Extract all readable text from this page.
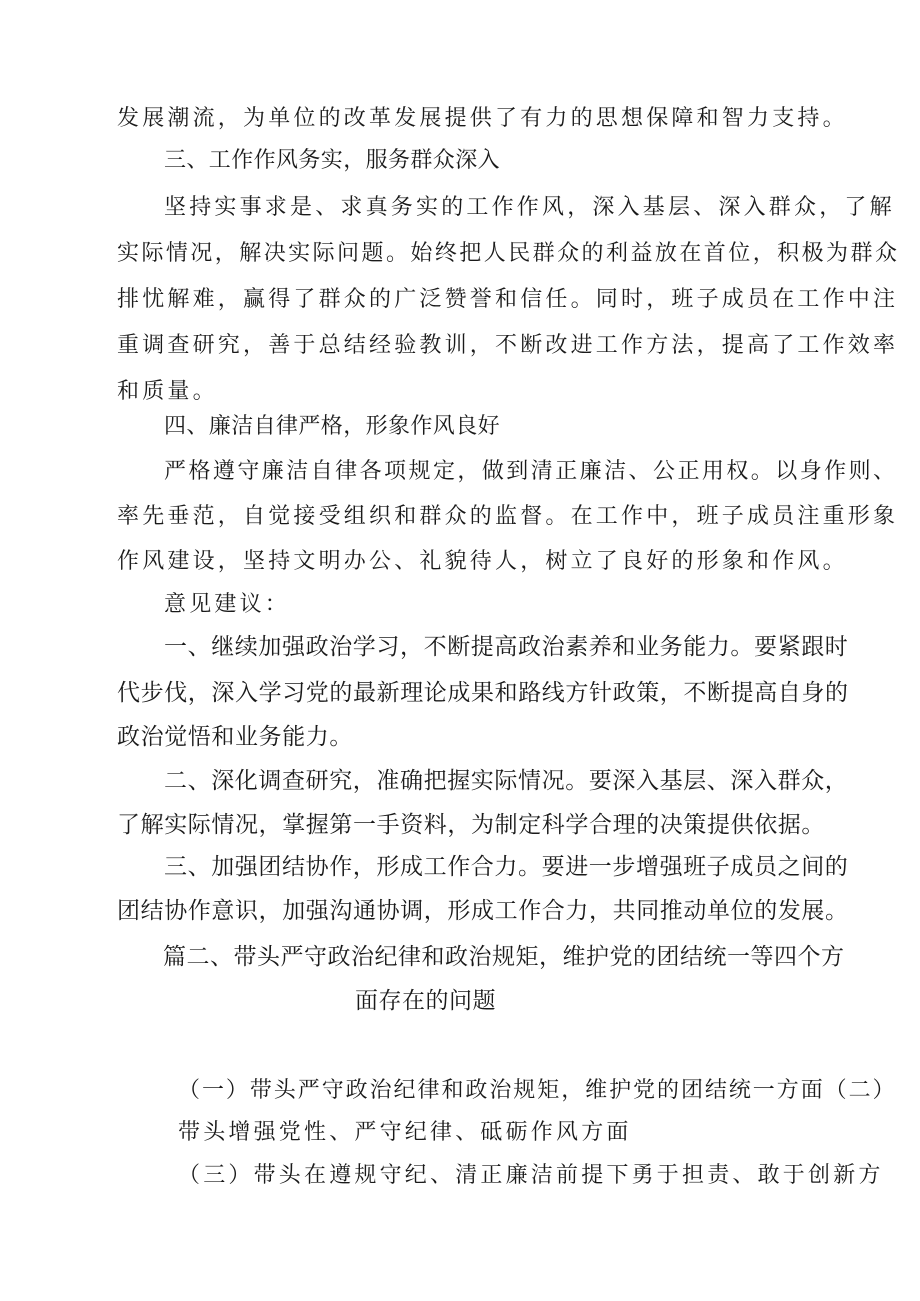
发展潮流，为单位的改革发展提供了有力的思想保障和智力支持。

三、工作作风务实，服务群众深入

坚持实事求是、求真务实的工作作风，深入基层、深入群众，了解

实际情况，解决实际问题。始终把人民群众的利益放在首位，积极为群众

排忧解难，赢得了群众的广泛赞誉和信任。同时，班子成员在工作中注

重调查研究，善于总结经验教训，不断改进工作方法，提高了工作效率

和质量。

四、廉洁自律严格，形象作风良好

严格遵守廉洁自律各项规定，做到清正廉洁、公正用权。以身作则、

率先垂范，自觉接受组织和群众的监督。在工作中，班子成员注重形象

作风建设，坚持文明办公、礼貌待人，树立了良好的形象和作风。

意见建议：

一、继续加强政治学习，不断提高政治素养和业务能力。要紧跟时

代步伐，深入学习党的最新理论成果和路线方针政策，不断提高自身的

政治觉悟和业务能力。

二、深化调查研究，准确把握实际情况。要深入基层、深入群众，

了解实际情况，掌握第一手资料，为制定科学合理的决策提供依据。

三、加强团结协作，形成工作合力。要进一步增强班子成员之间的

团结协作意识，加强沟通协调，形成工作合力，共同推动单位的发展。

篇二、带头严守政治纪律和政治规矩，维护党的团结统一等四个方

面存在的问题

（一）带头严守政治纪律和政治规矩，维护党的团结统一方面（二）

带头增强党性、严守纪律、砥砺作风方面

（三）带头在遵规守纪、清正廉洁前提下勇于担责、敢于创新方
